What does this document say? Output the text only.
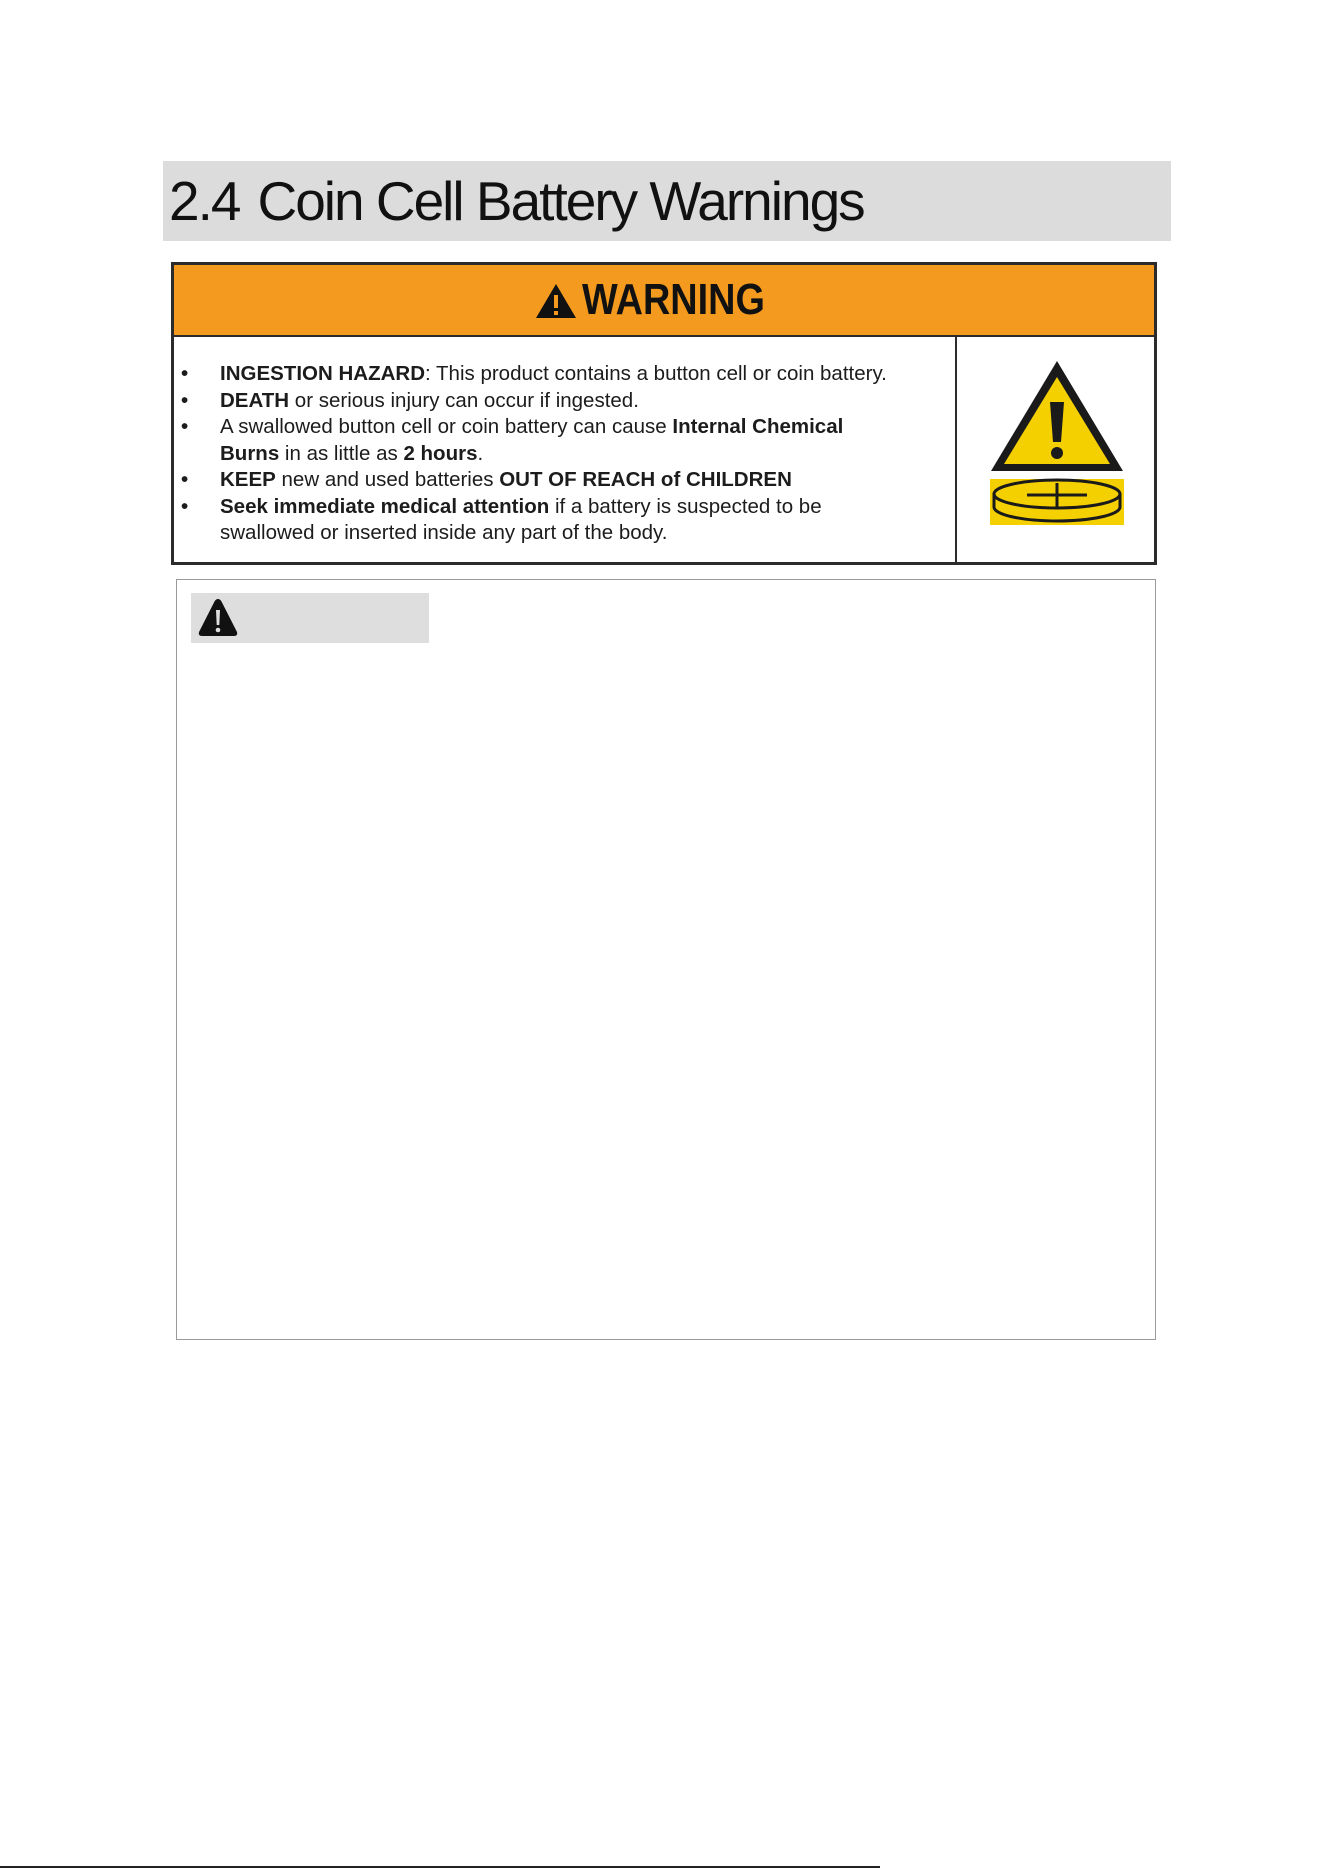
2.4 Coin Cell Battery Warnings
WARNING
• INGESTION HAZARD: This product contains a button cell or coin battery.
• DEATH or serious injury can occur if ingested.
• A swallowed button cell or coin battery can cause Internal Chemical
Burns in as little as 2 hours.
• KEEP new and used batteries OUT OF REACH of CHILDREN
• Seek immediate medical attention if a battery is suspected to be
swallowed or inserted inside any part of the body.
